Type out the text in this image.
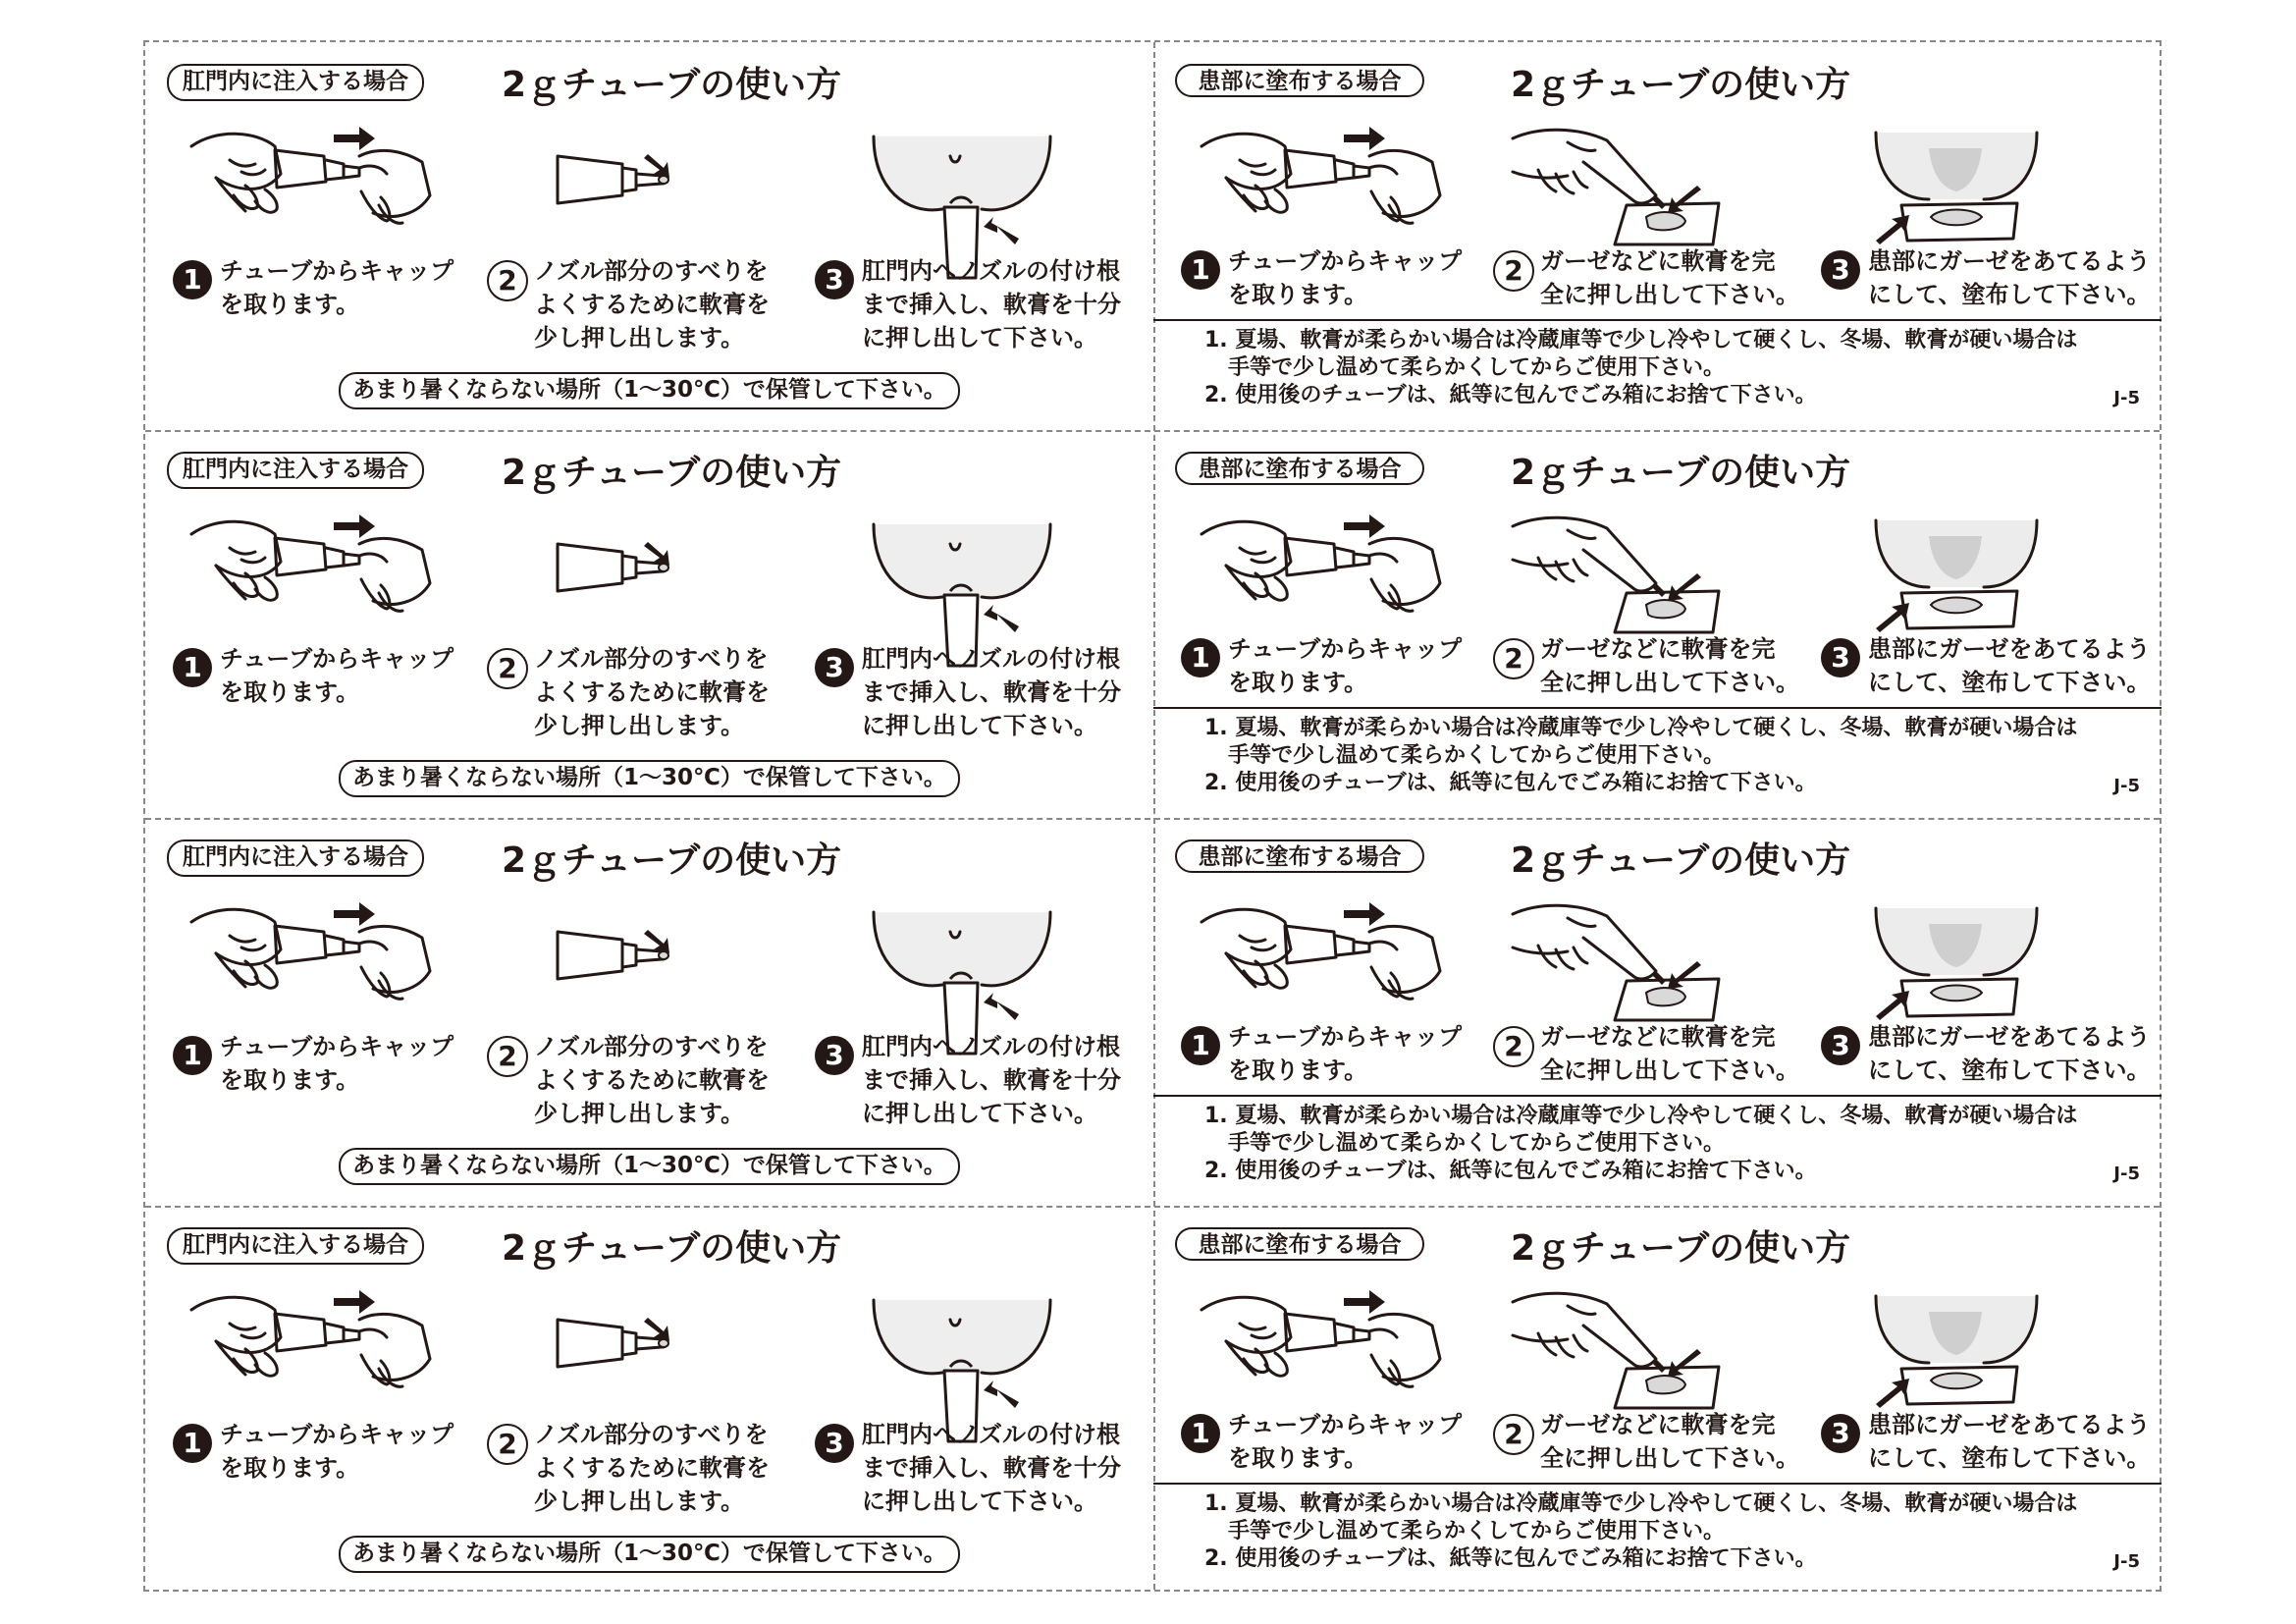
肛門内に注入する場合	2ｇチューブの使い方
1 チューブからキャップ
を取ります。
2 ノズル部分のすべりを
よくするために軟膏を
少し押し出します。
3 肛門内へノズルの付け根
まで挿入し、軟膏を十分
に押し出して下さい。
あまり暑くならない場所（1～30℃）で保管して下さい。
患部に塗布する場合	2ｇチューブの使い方
1 チューブからキャップ
を取ります。
2 ガーゼなどに軟膏を完
全に押し出して下さい。
3 患部にガーゼをあてるよう
にして、塗布して下さい。
1. 夏場、軟膏が柔らかい場合は冷蔵庫等で少し冷やして硬くし、冬場、軟膏が硬い場合は
手等で少し温めて柔らかくしてからご使用下さい。
2. 使用後のチューブは、紙等に包んでごみ箱にお捨て下さい。	J-5
肛門内に注入する場合	2ｇチューブの使い方
1 チューブからキャップ
を取ります。
2 ノズル部分のすべりを
よくするために軟膏を
少し押し出します。
3 肛門内へノズルの付け根
まで挿入し、軟膏を十分
に押し出して下さい。
あまり暑くならない場所（1～30℃）で保管して下さい。
患部に塗布する場合	2ｇチューブの使い方
1 チューブからキャップ
を取ります。
2 ガーゼなどに軟膏を完
全に押し出して下さい。
3 患部にガーゼをあてるよう
にして、塗布して下さい。
1. 夏場、軟膏が柔らかい場合は冷蔵庫等で少し冷やして硬くし、冬場、軟膏が硬い場合は
手等で少し温めて柔らかくしてからご使用下さい。
2. 使用後のチューブは、紙等に包んでごみ箱にお捨て下さい。	J-5
肛門内に注入する場合	2ｇチューブの使い方
1 チューブからキャップ
を取ります。
2 ノズル部分のすべりを
よくするために軟膏を
少し押し出します。
3 肛門内へノズルの付け根
まで挿入し、軟膏を十分
に押し出して下さい。
あまり暑くならない場所（1～30℃）で保管して下さい。
患部に塗布する場合	2ｇチューブの使い方
1 チューブからキャップ
を取ります。
2 ガーゼなどに軟膏を完
全に押し出して下さい。
3 患部にガーゼをあてるよう
にして、塗布して下さい。
1. 夏場、軟膏が柔らかい場合は冷蔵庫等で少し冷やして硬くし、冬場、軟膏が硬い場合は
手等で少し温めて柔らかくしてからご使用下さい。
2. 使用後のチューブは、紙等に包んでごみ箱にお捨て下さい。	J-5
肛門内に注入する場合	2ｇチューブの使い方
1 チューブからキャップ
を取ります。
2 ノズル部分のすべりを
よくするために軟膏を
少し押し出します。
3 肛門内へノズルの付け根
まで挿入し、軟膏を十分
に押し出して下さい。
あまり暑くならない場所（1～30℃）で保管して下さい。
患部に塗布する場合	2ｇチューブの使い方
1 チューブからキャップ
を取ります。
2 ガーゼなどに軟膏を完
全に押し出して下さい。
3 患部にガーゼをあてるよう
にして、塗布して下さい。
1. 夏場、軟膏が柔らかい場合は冷蔵庫等で少し冷やして硬くし、冬場、軟膏が硬い場合は
手等で少し温めて柔らかくしてからご使用下さい。
2. 使用後のチューブは、紙等に包んでごみ箱にお捨て下さい。	J-5
